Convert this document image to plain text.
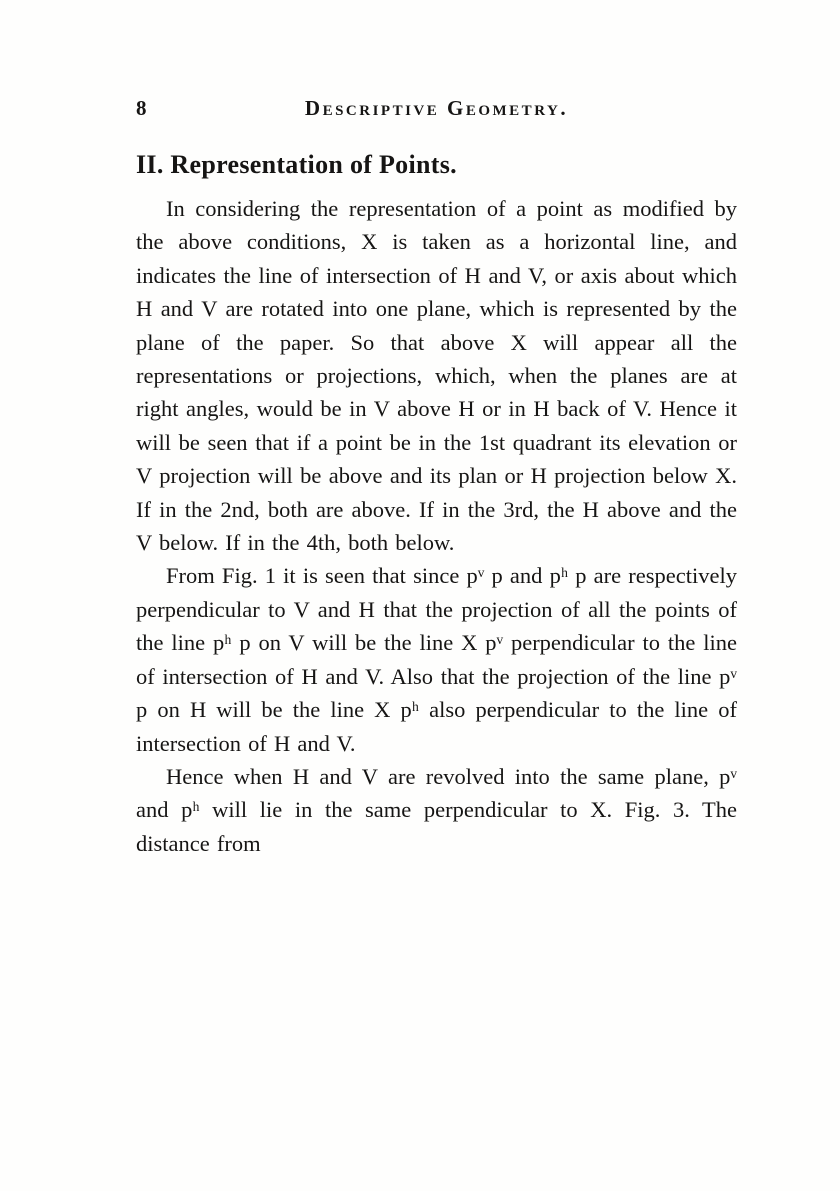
8	Descriptive Geometry.
II. Representation of Points.

In considering the representation of a point as modified by the above conditions, X is taken as a horizontal line, and indicates the line of intersection of H and V, or axis about which H and V are rotated into one plane, which is represented by the plane of the paper. So that above X will appear all the representations or projections, which, when the planes are at right angles, would be in V above H or in H back of V. Hence it will be seen that if a point be in the 1st quadrant its elevation or V projection will be above and its plan or H projection below X. If in the 2nd, both are above. If in the 3rd, the H above and the V below. If in the 4th, both below.

From Fig. 1 it is seen that since pᵛ p and pʰ p are respectively perpendicular to V and H that the projection of all the points of the line pʰ p on V will be the line X pᵛ perpendicular to the line of intersection of H and V. Also that the projection of the line pᵛ p on H will be the line X pʰ also perpendicular to the line of intersection of H and V.

Hence when H and V are revolved into the same plane, pᵛ and pʰ will lie in the same perpendicular to X. Fig. 3. The distance from
